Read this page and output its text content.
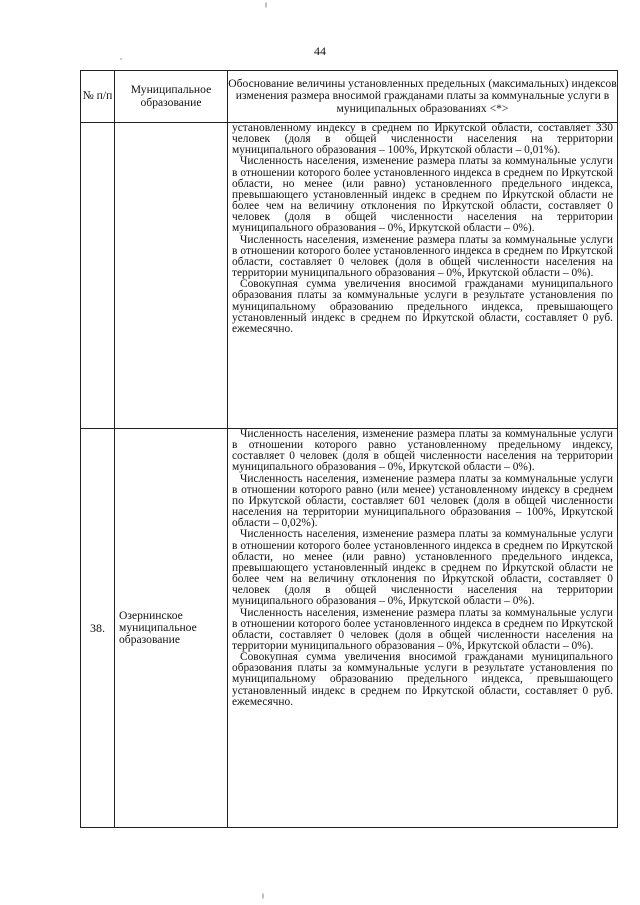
44
№ п/п	Муниципальное образование	Обоснование величины установленных предельных (максимальных) индексов изменения размера вносимой гражданами платы за коммунальные услуги в муниципальных образованиях <*>

		установленному индексу в среднем по Иркутской области, составляет 330 человек (доля в общей численности населения на территории муниципального образования – 100%, Иркутской области – 0,01%).

Численность населения, изменение размера платы за коммунальные услуги в отношении которого более установленного индекса в среднем по Иркутской области, но менее (или равно) установленного предельного индекса, превышающего установленный индекс в среднем по Иркутской области не более чем на величину отклонения по Иркутской области, составляет 0 человек (доля в общей численности населения на территории муниципального образования – 0%, Иркутской области – 0%).

Численность населения, изменение размера платы за коммунальные услуги в отношении которого более установленного индекса в среднем по Иркутской области, составляет 0 человек (доля в общей численности населения на территории муниципального образования – 0%, Иркутской области – 0%).

Совокупная сумма увеличения вносимой гражданами муниципального образования платы за коммунальные услуги в результате установления по муниципальному образованию предельного индекса, превышающего установленный индекс в среднем по Иркутской области, составляет 0 руб. ежемесячно.

38.	Озернинское муниципальное образование	Численность населения, изменение размера платы за коммунальные услуги в отношении которого равно установленному предельному индексу, составляет 0 человек (доля в общей численности населения на территории муниципального образования – 0%, Иркутской области – 0%).

Численность населения, изменение размера платы за коммунальные услуги в отношении которого равно (или менее) установленному индексу в среднем по Иркутской области, составляет 601 человек (доля в общей численности населения на территории муниципального образования – 100%, Иркутской области – 0,02%).

Численность населения, изменение размера платы за коммунальные услуги в отношении которого более установленного индекса в среднем по Иркутской области, но менее (или равно) установленного предельного индекса, превышающего установленный индекс в среднем по Иркутской области не более чем на величину отклонения по Иркутской области, составляет 0 человек (доля в общей численности населения на территории муниципального образования – 0%, Иркутской области – 0%).

Численность населения, изменение размера платы за коммунальные услуги в отношении которого более установленного индекса в среднем по Иркутской области, составляет 0 человек (доля в общей численности населения на территории муниципального образования – 0%, Иркутской области – 0%).

Совокупная сумма увеличения вносимой гражданами муниципального образования платы за коммунальные услуги в результате установления по муниципальному образованию предельного индекса, превышающего установленный индекс в среднем по Иркутской области, составляет 0 руб. ежемесячно.
